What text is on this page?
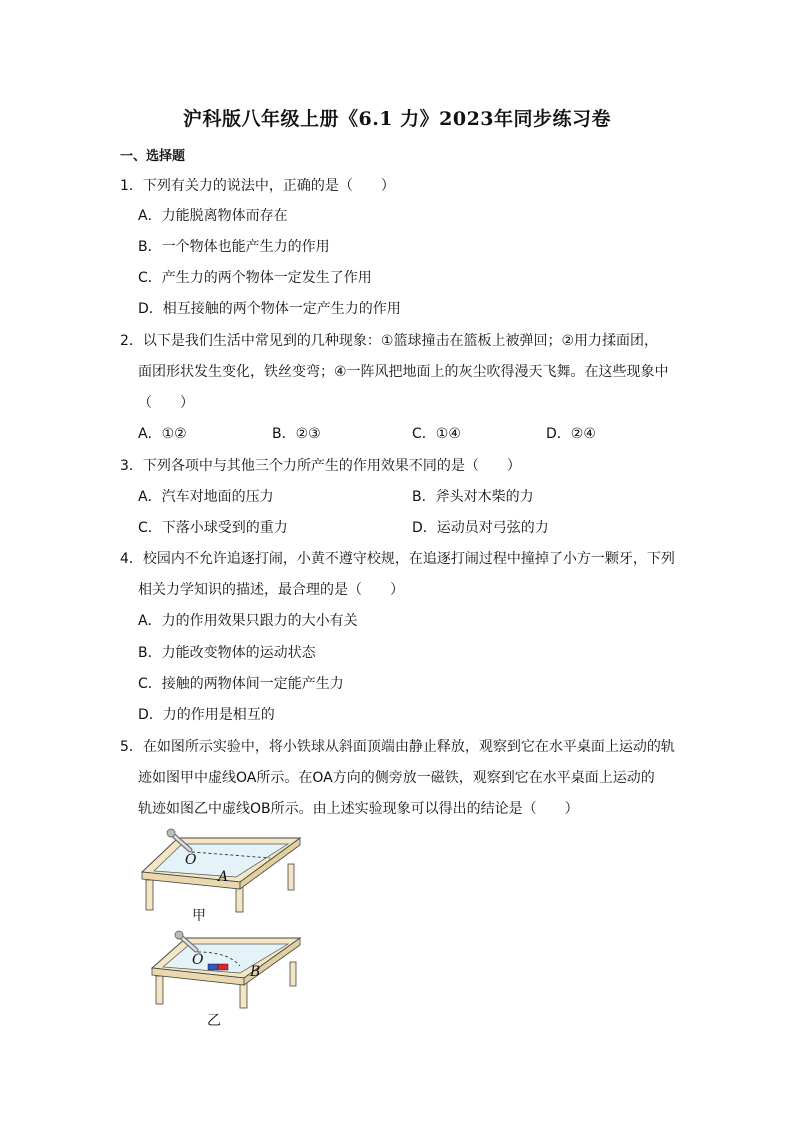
沪科版八年级上册《6.1 力》2023年同步练习卷
一、选择题
1．下列有关力的说法中，正确的是（　　）
A．力能脱离物体而存在
B．一个物体也能产生力的作用
C．产生力的两个物体一定发生了作用
D．相互接触的两个物体一定产生力的作用
2．以下是我们生活中常见到的几种现象：①篮球撞击在篮板上被弹回；②用力揉面团，
面团形状发生变化，铁丝变弯；④一阵风把地面上的灰尘吹得漫天飞舞。在这些现象中
（　　）
A．①②	B．②③	C．①④	D．②④
3．下列各项中与其他三个力所产生的作用效果不同的是（　　）
A．汽车对地面的压力	B．斧头对木柴的力
C．下落小球受到的重力	D．运动员对弓弦的力
4．校园内不允许追逐打闹，小黄不遵守校规，在追逐打闹过程中撞掉了小方一颗牙，下列
相关力学知识的描述，最合理的是（　　）
A．力的作用效果只跟力的大小有关
B．力能改变物体的运动状态
C．接触的两物体间一定能产生力
D．力的作用是相互的
5．在如图所示实验中，将小铁球从斜面顶端由静止释放，观察到它在水平桌面上运动的轨
迹如图甲中虚线OA所示。在OA方向的侧旁放一磁铁，观察到它在水平桌面上运动的
轨迹如图乙中虚线OB所示。由上述实验现象可以得出的结论是（　　）
O
A
甲
O
B
乙
